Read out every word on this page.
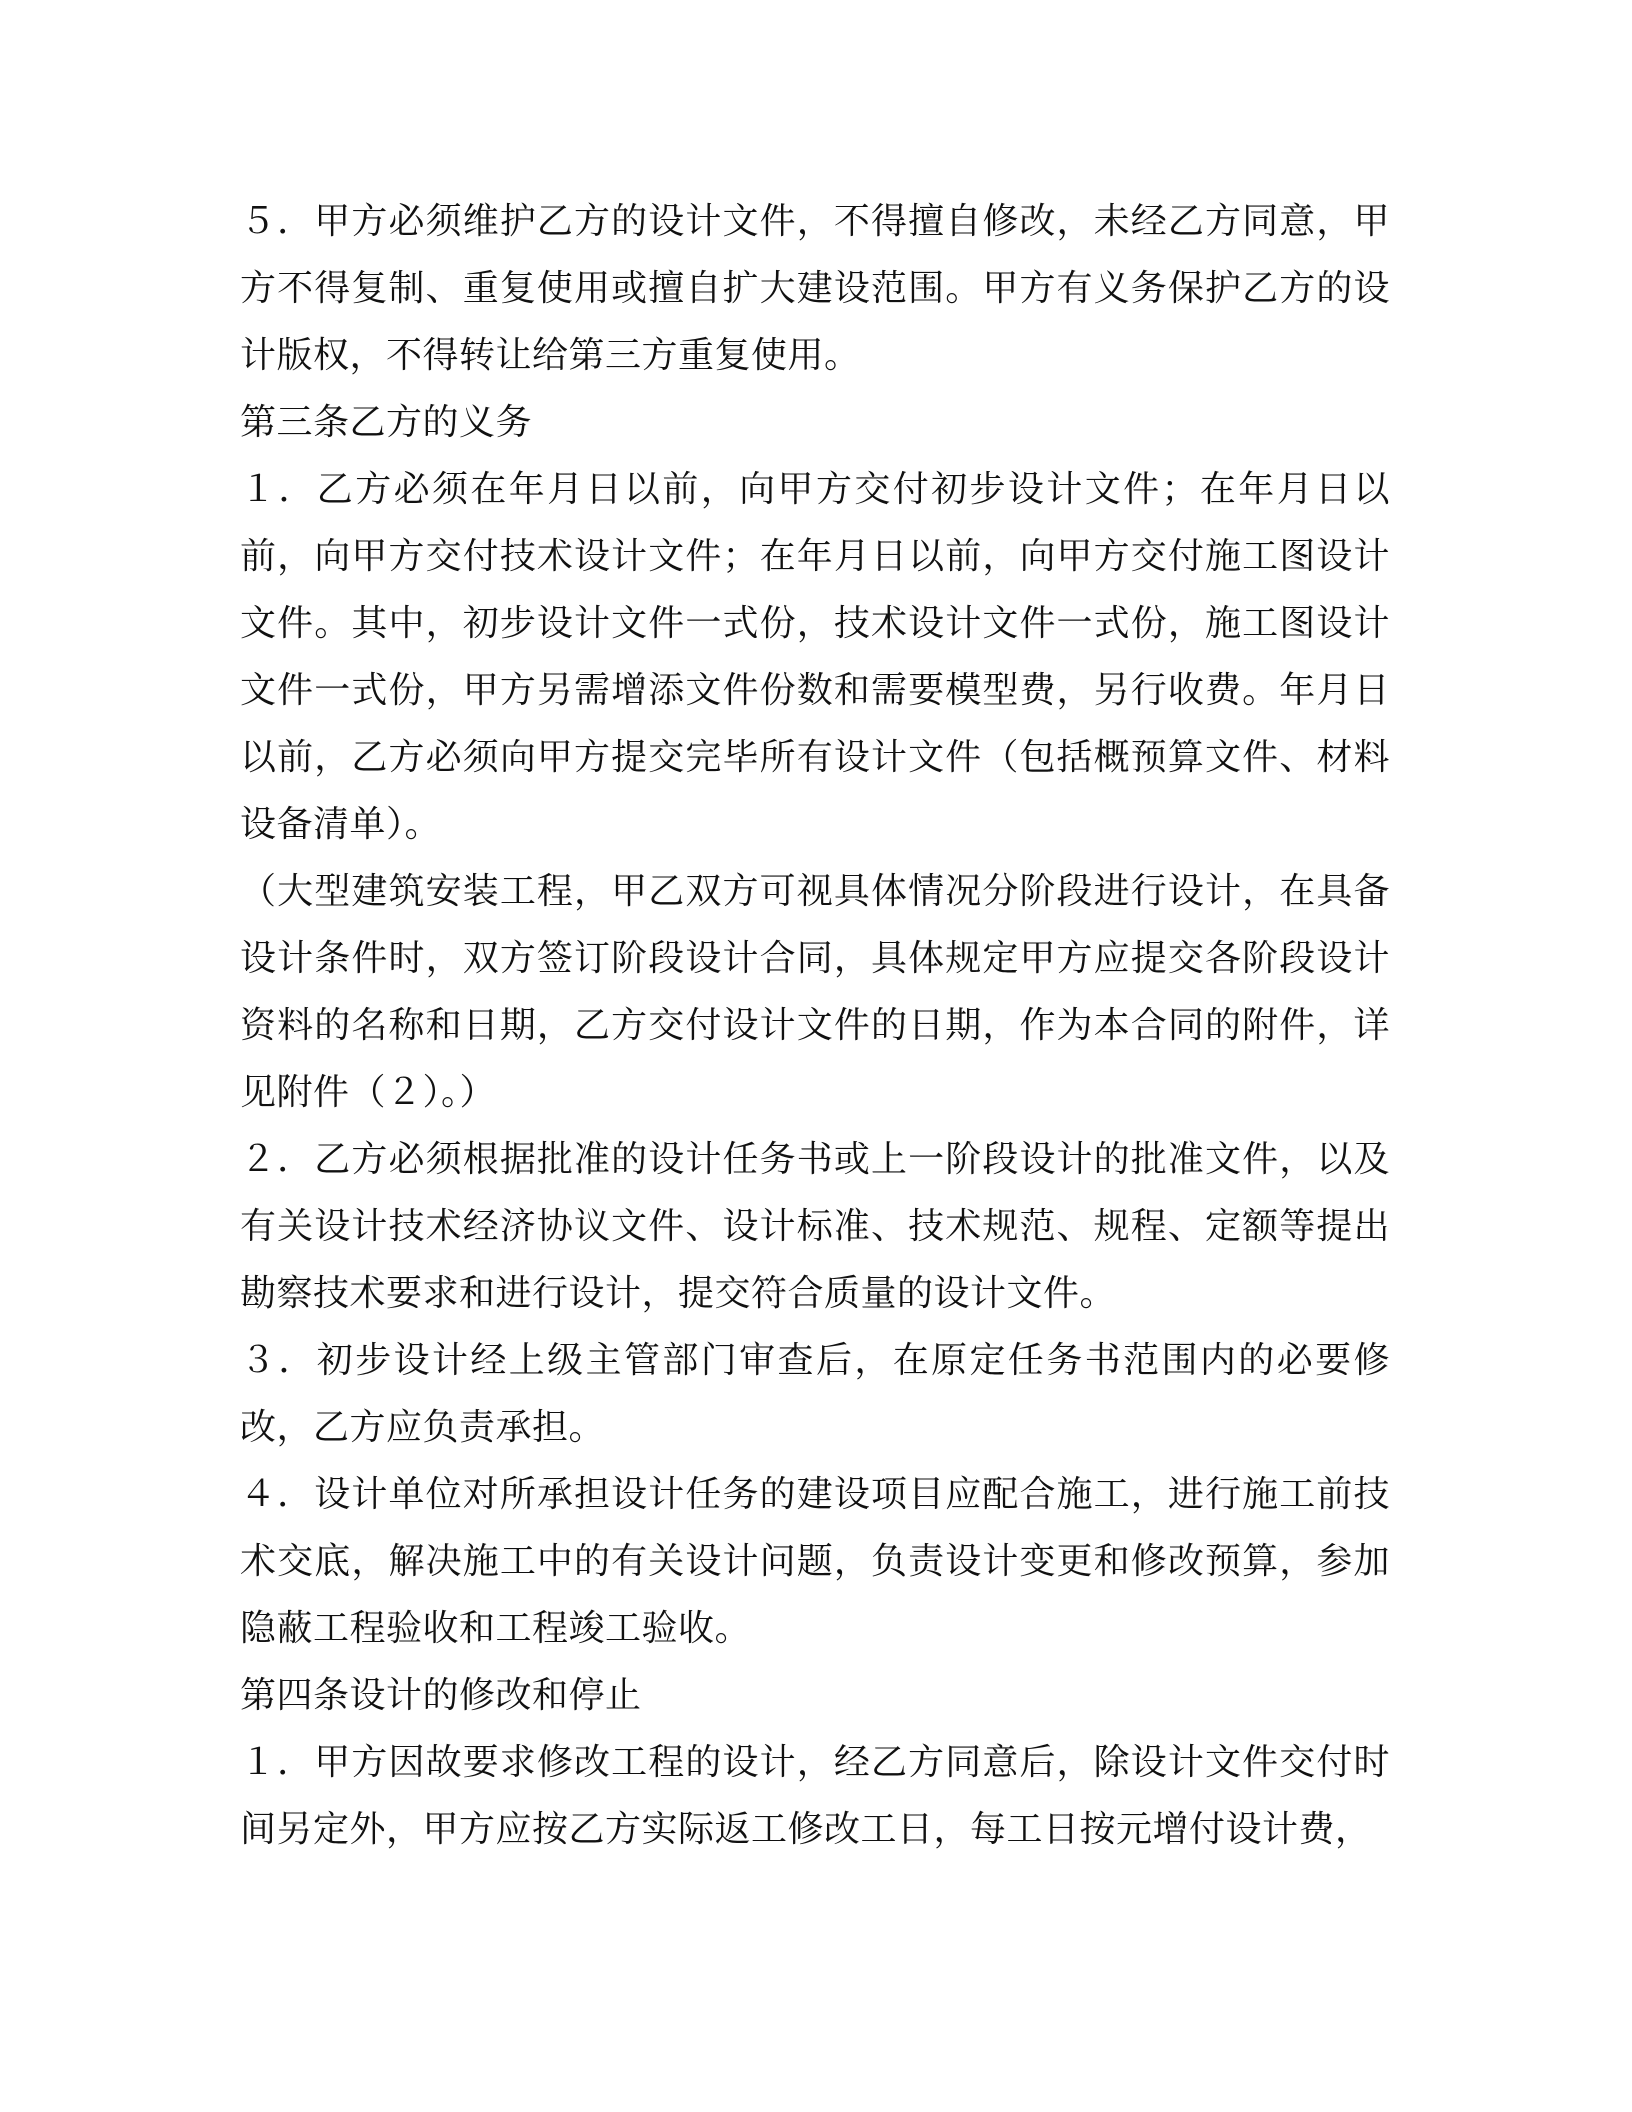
５．甲方必须维护乙方的设计文件，不得擅自修改，未经乙方同意，甲方不得复制、重复使用或擅自扩大建设范围。甲方有义务保护乙方的设计版权，不得转让给第三方重复使用。

第三条乙方的义务

１．乙方必须在年月日以前，向甲方交付初步设计文件；在年月日以前，向甲方交付技术设计文件；在年月日以前，向甲方交付施工图设计文件。其中，初步设计文件一式份，技术设计文件一式份，施工图设计文件一式份，甲方另需增添文件份数和需要模型费，另行收费。年月日以前，乙方必须向甲方提交完毕所有设计文件（包括概预算文件、材料设备清单）。

（大型建筑安装工程，甲乙双方可视具体情况分阶段进行设计，在具备设计条件时，双方签订阶段设计合同，具体规定甲方应提交各阶段设计资料的名称和日期，乙方交付设计文件的日期，作为本合同的附件，详见附件（２）。）

２．乙方必须根据批准的设计任务书或上一阶段设计的批准文件，以及有关设计技术经济协议文件、设计标准、技术规范、规程、定额等提出勘察技术要求和进行设计，提交符合质量的设计文件。

３．初步设计经上级主管部门审查后，在原定任务书范围内的必要修改，乙方应负责承担。

４．设计单位对所承担设计任务的建设项目应配合施工，进行施工前技术交底，解决施工中的有关设计问题，负责设计变更和修改预算，参加隐蔽工程验收和工程竣工验收。

第四条设计的修改和停止

１．甲方因故要求修改工程的设计，经乙方同意后，除设计文件交付时间另定外，甲方应按乙方实际返工修改工日，每工日按元增付设计费，
